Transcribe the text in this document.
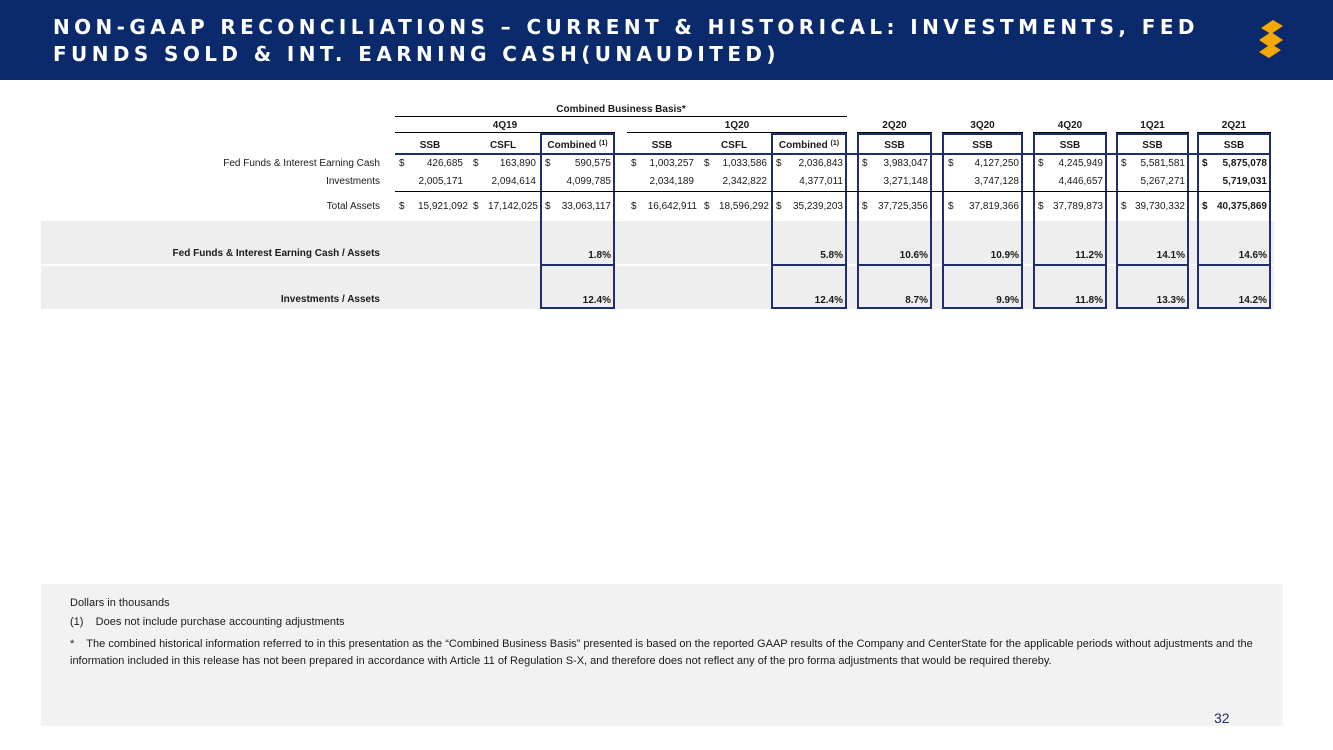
NON-GAAP RECONCILIATIONS – CURRENT & HISTORICAL: INVESTMENTS, FED
FUNDS SOLD & INT. EARNING CASH(UNAUDITED)
Combined Business Basis*
4Q19	1Q20	2Q20	3Q20	4Q20	1Q21	2Q21
SSB	CSFL	Combined $^{(1)}$	SSB	CSFL	Combined $^{(1)}$	SSB	SSB	SSB	SSB	SSB
Fed Funds & Interest Earning Cash $	426,685 $	163,890 $	590,575 $	1,003,257 $	1,033,586 $	2,036,843 $	3,983,047 $	4,127,250 $	4,245,949 $	5,581,581 $	5,875,078
Investments	2,005,171	2,094,614	4,099,785	2,034,189	2,342,822	4,377,011	3,271,148	3,747,128	4,446,657	5,267,271	5,719,031
Total Assets $	15,921,092 $ 17,142,025 $	33,063,117 $	16,642,911 $ 18,596,292 $	35,239,203 $	37,725,356 $	37,819,366 $ 37,789,873 $ 39,730,332 $ 40,375,869
Fed Funds & Interest Earning Cash / Assets	1.8%	5.8%	10.6%	10.9%	11.2%	14.1%	14.6%
Investments / Assets	12.4%	12.4%	8.7%	9.9%	11.8%	13.3%	14.2%
Dollars in thousands
(1)    Does not include purchase accounting adjustments
*    The combined historical information referred to in this presentation as the “Combined Business Basis” presented is based on the reported GAAP results of the Company and CenterState for the applicable periods without adjustments and the information included in this release has not been prepared in accordance with Article 11 of Regulation S-X, and therefore does not reflect any of the pro forma adjustments that would be required thereby.
32
